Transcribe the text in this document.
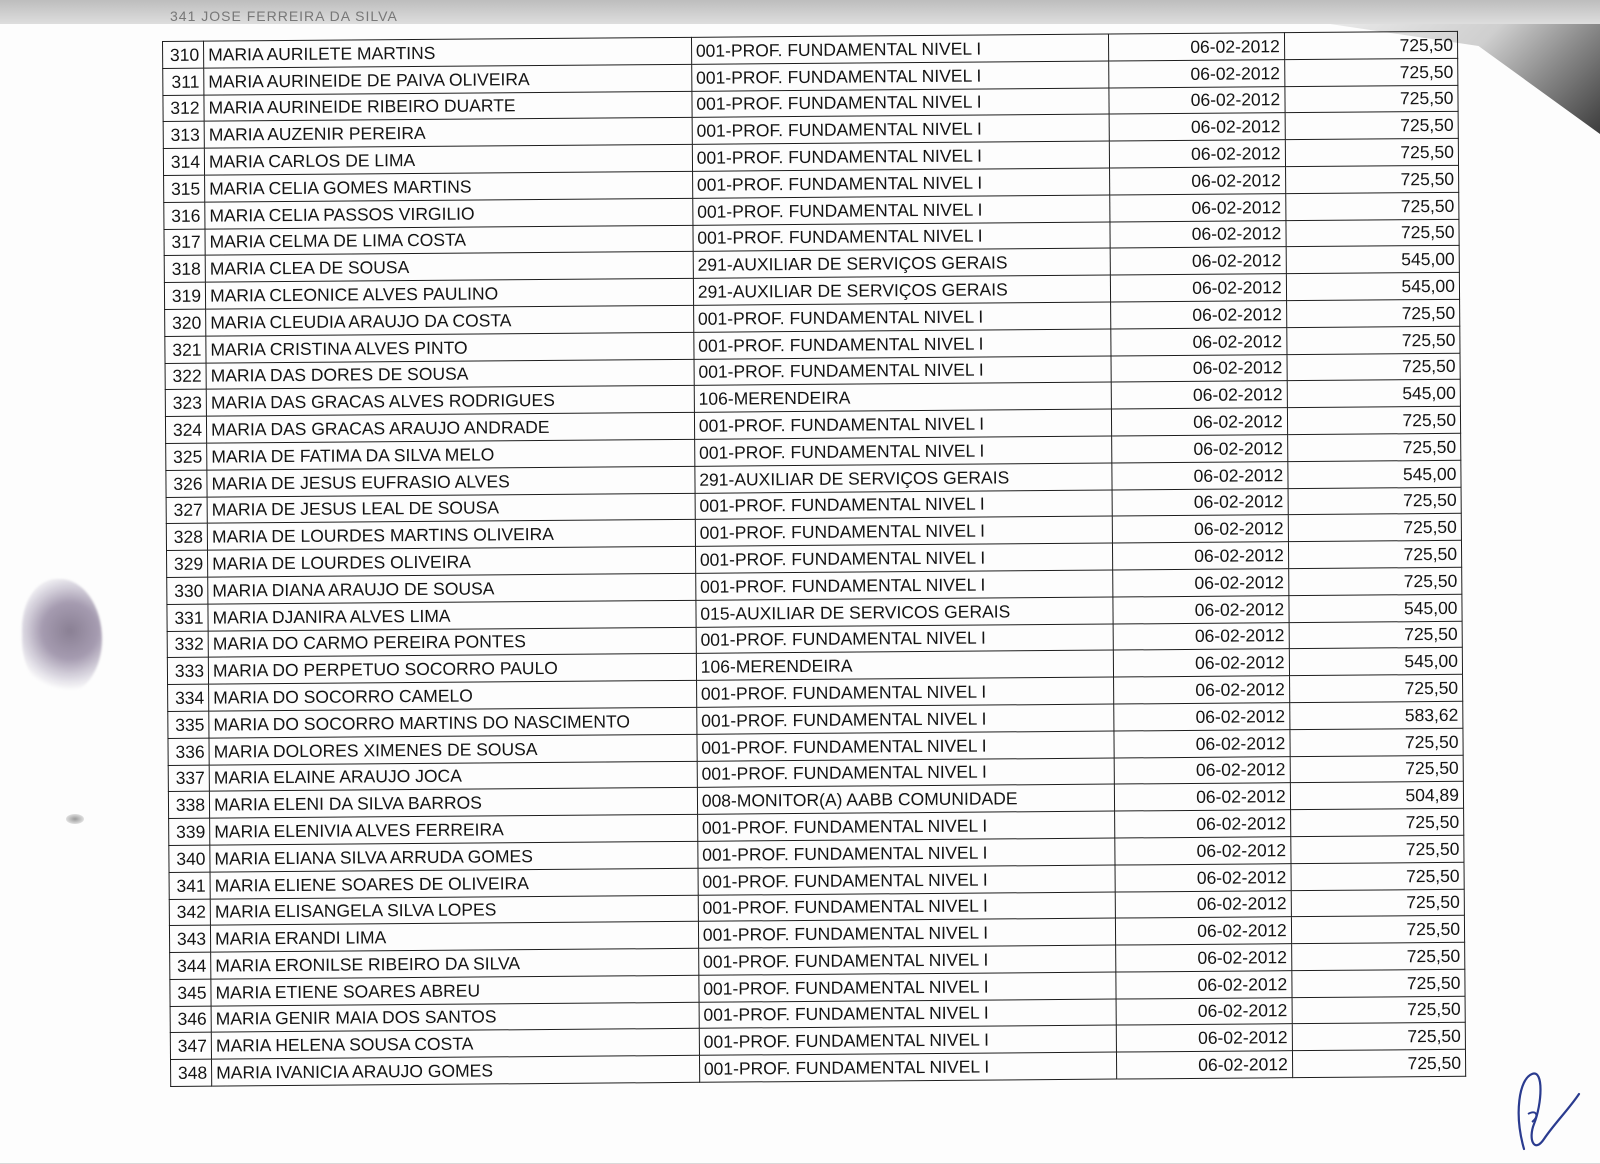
341 JOSE FERREIRA DA SILVA
310	MARIA AURILETE MARTINS	001-PROF. FUNDAMENTAL NIVEL I	06-02-2012	725,50
311	MARIA AURINEIDE DE PAIVA OLIVEIRA	001-PROF. FUNDAMENTAL NIVEL I	06-02-2012	725,50
312	MARIA AURINEIDE RIBEIRO DUARTE	001-PROF. FUNDAMENTAL NIVEL I	06-02-2012	725,50
313	MARIA AUZENIR PEREIRA	001-PROF. FUNDAMENTAL NIVEL I	06-02-2012	725,50
314	MARIA CARLOS DE LIMA	001-PROF. FUNDAMENTAL NIVEL I	06-02-2012	725,50
315	MARIA CELIA GOMES MARTINS	001-PROF. FUNDAMENTAL NIVEL I	06-02-2012	725,50
316	MARIA CELIA PASSOS VIRGILIO	001-PROF. FUNDAMENTAL NIVEL I	06-02-2012	725,50
317	MARIA CELMA DE LIMA COSTA	001-PROF. FUNDAMENTAL NIVEL I	06-02-2012	725,50
318	MARIA CLEA DE SOUSA	291-AUXILIAR DE SERVIÇOS GERAIS	06-02-2012	545,00
319	MARIA CLEONICE ALVES PAULINO	291-AUXILIAR DE SERVIÇOS GERAIS	06-02-2012	545,00
320	MARIA CLEUDIA ARAUJO DA COSTA	001-PROF. FUNDAMENTAL NIVEL I	06-02-2012	725,50
321	MARIA CRISTINA ALVES PINTO	001-PROF. FUNDAMENTAL NIVEL I	06-02-2012	725,50
322	MARIA DAS DORES DE SOUSA	001-PROF. FUNDAMENTAL NIVEL I	06-02-2012	725,50
323	MARIA DAS GRACAS ALVES RODRIGUES	106-MERENDEIRA	06-02-2012	545,00
324	MARIA DAS GRACAS ARAUJO ANDRADE	001-PROF. FUNDAMENTAL NIVEL I	06-02-2012	725,50
325	MARIA DE FATIMA DA SILVA MELO	001-PROF. FUNDAMENTAL NIVEL I	06-02-2012	725,50
326	MARIA DE JESUS EUFRASIO ALVES	291-AUXILIAR DE SERVIÇOS GERAIS	06-02-2012	545,00
327	MARIA DE JESUS LEAL DE SOUSA	001-PROF. FUNDAMENTAL NIVEL I	06-02-2012	725,50
328	MARIA DE LOURDES MARTINS OLIVEIRA	001-PROF. FUNDAMENTAL NIVEL I	06-02-2012	725,50
329	MARIA DE LOURDES OLIVEIRA	001-PROF. FUNDAMENTAL NIVEL I	06-02-2012	725,50
330	MARIA DIANA ARAUJO DE SOUSA	001-PROF. FUNDAMENTAL NIVEL I	06-02-2012	725,50
331	MARIA DJANIRA ALVES LIMA	015-AUXILIAR DE SERVICOS GERAIS	06-02-2012	545,00
332	MARIA DO CARMO PEREIRA PONTES	001-PROF. FUNDAMENTAL NIVEL I	06-02-2012	725,50
333	MARIA DO PERPETUO SOCORRO PAULO	106-MERENDEIRA	06-02-2012	545,00
334	MARIA DO SOCORRO CAMELO	001-PROF. FUNDAMENTAL NIVEL I	06-02-2012	725,50
335	MARIA DO SOCORRO MARTINS DO NASCIMENTO	001-PROF. FUNDAMENTAL NIVEL I	06-02-2012	583,62
336	MARIA DOLORES XIMENES DE SOUSA	001-PROF. FUNDAMENTAL NIVEL I	06-02-2012	725,50
337	MARIA ELAINE ARAUJO JOCA	001-PROF. FUNDAMENTAL NIVEL I	06-02-2012	725,50
338	MARIA ELENI DA SILVA BARROS	008-MONITOR(A) AABB COMUNIDADE	06-02-2012	504,89
339	MARIA ELENIVIA ALVES FERREIRA	001-PROF. FUNDAMENTAL NIVEL I	06-02-2012	725,50
340	MARIA ELIANA SILVA ARRUDA GOMES	001-PROF. FUNDAMENTAL NIVEL I	06-02-2012	725,50
341	MARIA ELIENE SOARES DE OLIVEIRA	001-PROF. FUNDAMENTAL NIVEL I	06-02-2012	725,50
342	MARIA ELISANGELA SILVA LOPES	001-PROF. FUNDAMENTAL NIVEL I	06-02-2012	725,50
343	MARIA ERANDI LIMA	001-PROF. FUNDAMENTAL NIVEL I	06-02-2012	725,50
344	MARIA ERONILSE RIBEIRO DA SILVA	001-PROF. FUNDAMENTAL NIVEL I	06-02-2012	725,50
345	MARIA ETIENE SOARES ABREU	001-PROF. FUNDAMENTAL NIVEL I	06-02-2012	725,50
346	MARIA GENIR MAIA DOS SANTOS	001-PROF. FUNDAMENTAL NIVEL I	06-02-2012	725,50
347	MARIA HELENA SOUSA COSTA	001-PROF. FUNDAMENTAL NIVEL I	06-02-2012	725,50
348	MARIA IVANICIA ARAUJO GOMES	001-PROF. FUNDAMENTAL NIVEL I	06-02-2012	725,50
